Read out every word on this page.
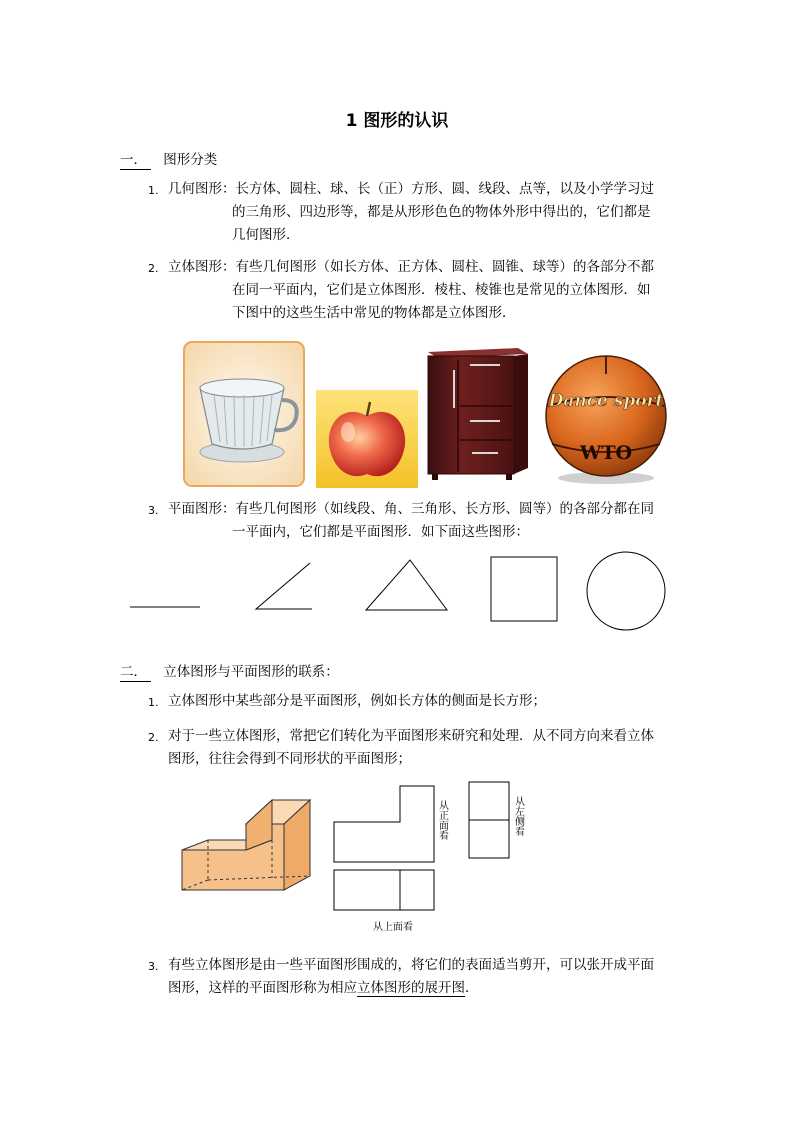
1 图形的认识
一． 图形分类
1. 几何图形：长方体、圆柱、球、长（正）方形、圆、线段、点等，以及小学学习过
的三角形、四边形等，都是从形形色色的物体外形中得出的，它们都是
几何图形．
2. 立体图形：有些几何图形（如长方体、正方体、圆柱、圆锥、球等）的各部分不都
在同一平面内，它们是立体图形．棱柱、棱锥也是常见的立体图形．如
下图中的这些生活中常见的物体都是立体图形．
Dance sport
WTO
3. 平面图形：有些几何图形（如线段、角、三角形、长方形、圆等）的各部分都在同
一平面内，它们都是平面图形．如下面这些图形：
二． 立体图形与平面图形的联系：
1. 立体图形中某些部分是平面图形，例如长方体的侧面是长方形；
2. 对于一些立体图形，常把它们转化为平面图形来研究和处理．从不同方向来看立体
图形，往往会得到不同形状的平面图形；
从正面看	从左侧看
从上面看
3. 有些立体图形是由一些平面图形围成的，将它们的表面适当剪开，可以张开成平面
图形，这样的平面图形称为相应立体图形的展开图．
